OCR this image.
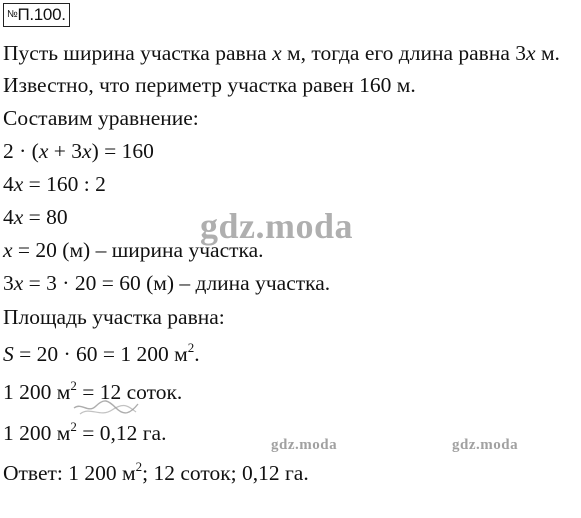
№П.100.
Пусть ширина участка равна x м, тогда его длина равна 3x м.
Известно, что периметр участка равен 160 м.
Составим уравнение:
2 · (x + 3x) = 160
4x = 160 : 2
4x = 80
x = 20 (м) – ширина участка.
3x = 3 · 20 = 60 (м) – длина участка.
Площадь участка равна:
S = 20 · 60 = 1 200 $м^2$.
1 200 $м^2 = 12$ соток.
1 200 $м^2 = 0,12$ га.
Ответ: 1 200 $м^2$; 12 соток; 0,12 га.
gdz.moda
gdz.moda	gdz.moda
